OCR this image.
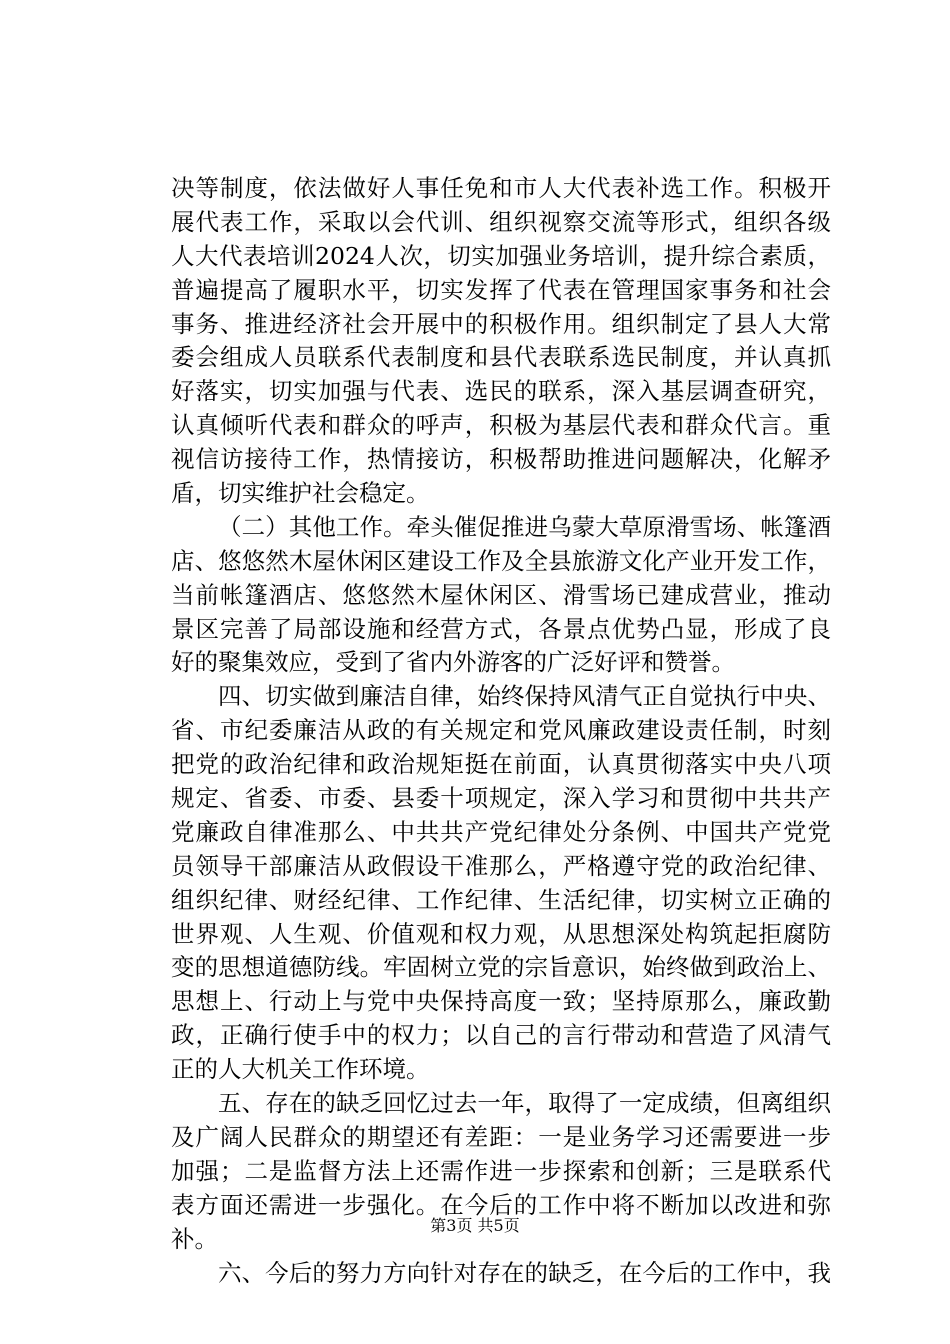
决等制度，依法做好人事任免和市人大代表补选工作。积极开
展代表工作，采取以会代训、组织视察交流等形式，组织各级
人大代表培训2024人次，切实加强业务培训，提升综合素质，
普遍提高了履职水平，切实发挥了代表在管理国家事务和社会
事务、推进经济社会开展中的积极作用。组织制定了县人大常
委会组成人员联系代表制度和县代表联系选民制度，并认真抓
好落实，切实加强与代表、选民的联系，深入基层调查研究，
认真倾听代表和群众的呼声，积极为基层代表和群众代言。重
视信访接待工作，热情接访，积极帮助推进问题解决，化解矛
盾，切实维护社会稳定。
（二）其他工作。牵头催促推进乌蒙大草原滑雪场、帐篷酒
店、悠悠然木屋休闲区建设工作及全县旅游文化产业开发工作，
当前帐篷酒店、悠悠然木屋休闲区、滑雪场已建成营业，推动
景区完善了局部设施和经营方式，各景点优势凸显，形成了良
好的聚集效应，受到了省内外游客的广泛好评和赞誉。
四、切实做到廉洁自律，始终保持风清气正自觉执行中央、
省、市纪委廉洁从政的有关规定和党风廉政建设责任制，时刻
把党的政治纪律和政治规矩挺在前面，认真贯彻落实中央八项
规定、省委、市委、县委十项规定，深入学习和贯彻中共共产
党廉政自律准那么、中共共产党纪律处分条例、中国共产党党
员领导干部廉洁从政假设干准那么，严格遵守党的政治纪律、
组织纪律、财经纪律、工作纪律、生活纪律，切实树立正确的
世界观、人生观、价值观和权力观，从思想深处构筑起拒腐防
变的思想道德防线。牢固树立党的宗旨意识，始终做到政治上、
思想上、行动上与党中央保持高度一致；坚持原那么，廉政勤
政，正确行使手中的权力；以自己的言行带动和营造了风清气
正的人大机关工作环境。
五、存在的缺乏回忆过去一年，取得了一定成绩，但离组织
及广阔人民群众的期望还有差距：一是业务学习还需要进一步
加强；二是监督方法上还需作进一步探索和创新；三是联系代
表方面还需进一步强化。在今后的工作中将不断加以改进和弥
补。
六、今后的努力方向针对存在的缺乏，在今后的工作中，我
第3页 共5页
